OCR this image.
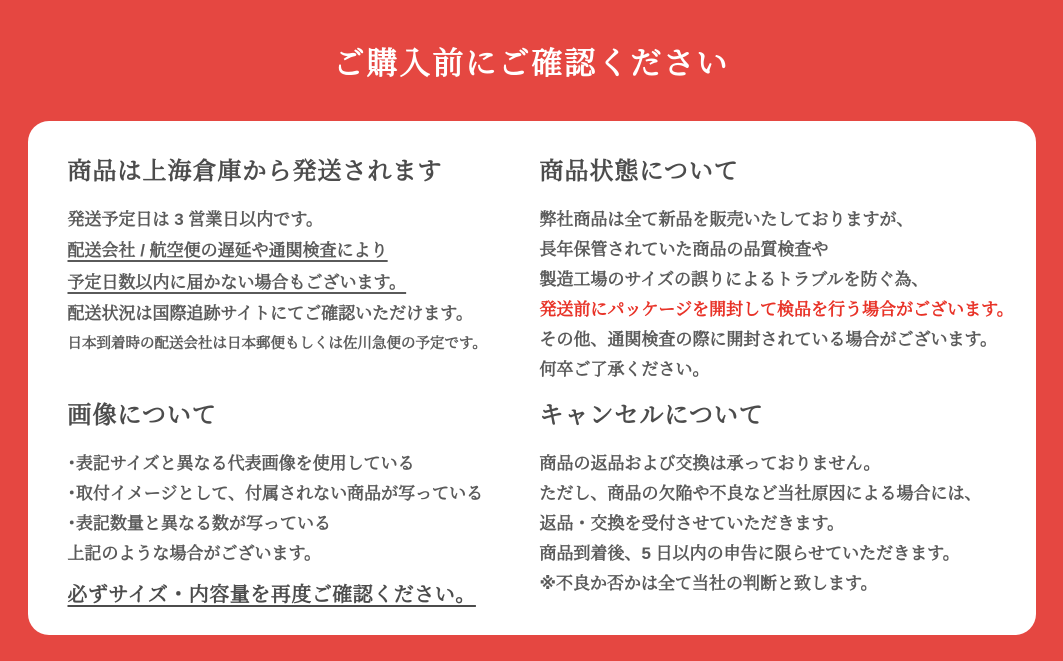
ご購入前にご確認ください
商品は上海倉庫から発送されます
発送予定日は 3 営業日以内です。
配送会社 / 航空便の遅延や通関検査により
予定日数以内に届かない場合もございます。
配送状況は国際追跡サイトにてご確認いただけます。
日本到着時の配送会社は日本郵便もしくは佐川急便の予定です。
商品状態について
弊社商品は全て新品を販売いたしておりますが、
長年保管されていた商品の品質検査や
製造工場のサイズの誤りによるトラブルを防ぐ為、
発送前にパッケージを開封して検品を行う場合がございます。
その他、通関検査の際に開封されている場合がございます。
何卒ご了承ください。
画像について
･表記サイズと異なる代表画像を使用している
･取付イメージとして、付属されない商品が写っている
･表記数量と異なる数が写っている
上記のような場合がございます。
必ずサイズ・内容量を再度ご確認ください。
キャンセルについて
商品の返品および交換は承っておりません。
ただし、商品の欠陥や不良など当社原因による場合には、
返品・交換を受付させていただきます。
商品到着後、5 日以内の申告に限らせていただきます。
※不良か否かは全て当社の判断と致します。
